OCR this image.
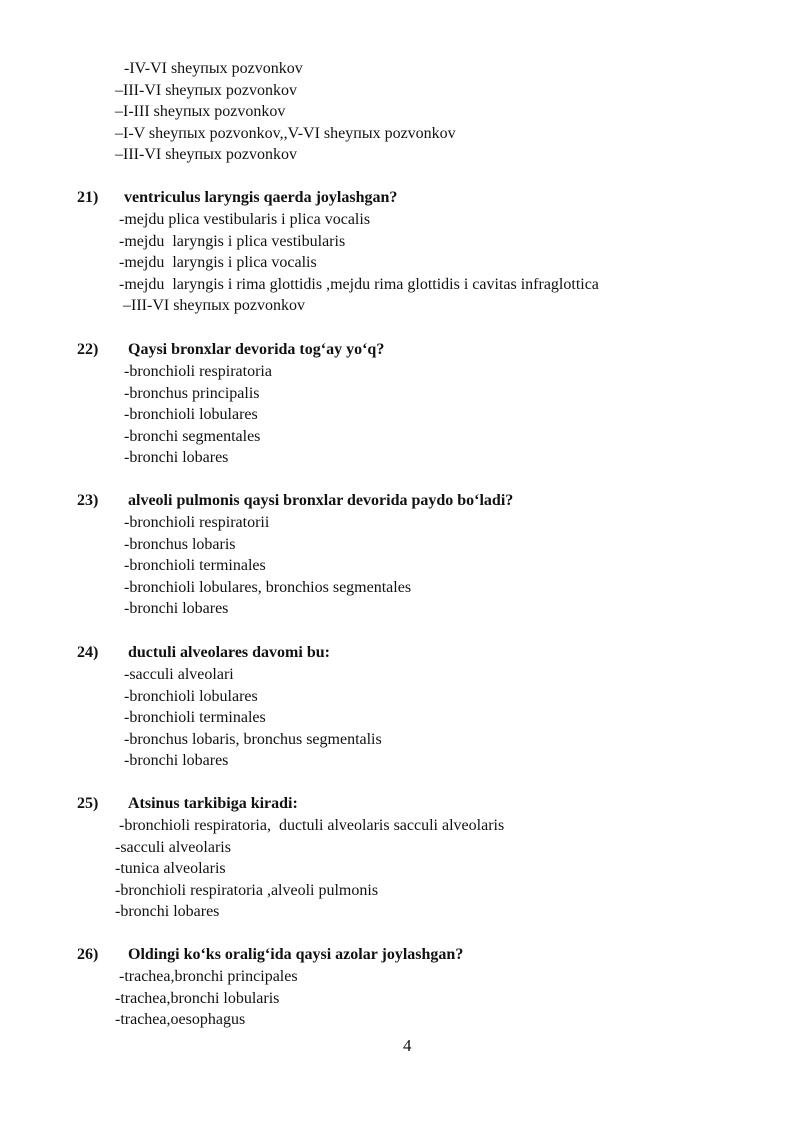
-IV-VI sheyпых pozvonkov
–III-VI sheyпых pozvonkov
–I-III sheyпых pozvonkov
–I-V sheyпых pozvonkov,,V-VI sheyпых pozvonkov
–III-VI sheyпых pozvonkov
21) ventriculus laryngis qaerda joylashgan?
-mejdu plica vestibularis i plica vocalis
-mejdu  laryngis i plica vestibularis
-mejdu  laryngis i plica vocalis
-mejdu  laryngis i rima glottidis ,mejdu rima glottidis i cavitas infraglottica
–III-VI sheyпых pozvonkov
22) Qaysi bronxlar devorida tog‘ay yo‘q?
-bronchioli respiratoria
-bronchus principalis
-bronchioli lobulares
-bronchi segmentales
-bronchi lobares
23) alveoli pulmonis qaysi bronxlar devorida paydo bo‘ladi?
-bronchioli respiratorii
-bronchus lobaris
-bronchioli terminales
-bronchioli lobulares, bronchios segmentales
-bronchi lobares
24) ductuli alveolares davomi bu:
-sacculi alveolari
-bronchioli lobulares
-bronchioli terminales
-bronchus lobaris, bronchus segmentalis
-bronchi lobares
25) Atsinus tarkibiga kiradi:
-bronchioli respiratoria,  ductuli alveolaris sacculi alveolaris
-sacculi alveolaris
-tunica alveolaris
-bronchioli respiratoria ,alveoli pulmonis
-bronchi lobares
26) Oldingi ko‘ks oralig‘ida qaysi azolar joylashgan?
-trachea,bronchi principales
-trachea,bronchi lobularis
-trachea,oesophagus
4
